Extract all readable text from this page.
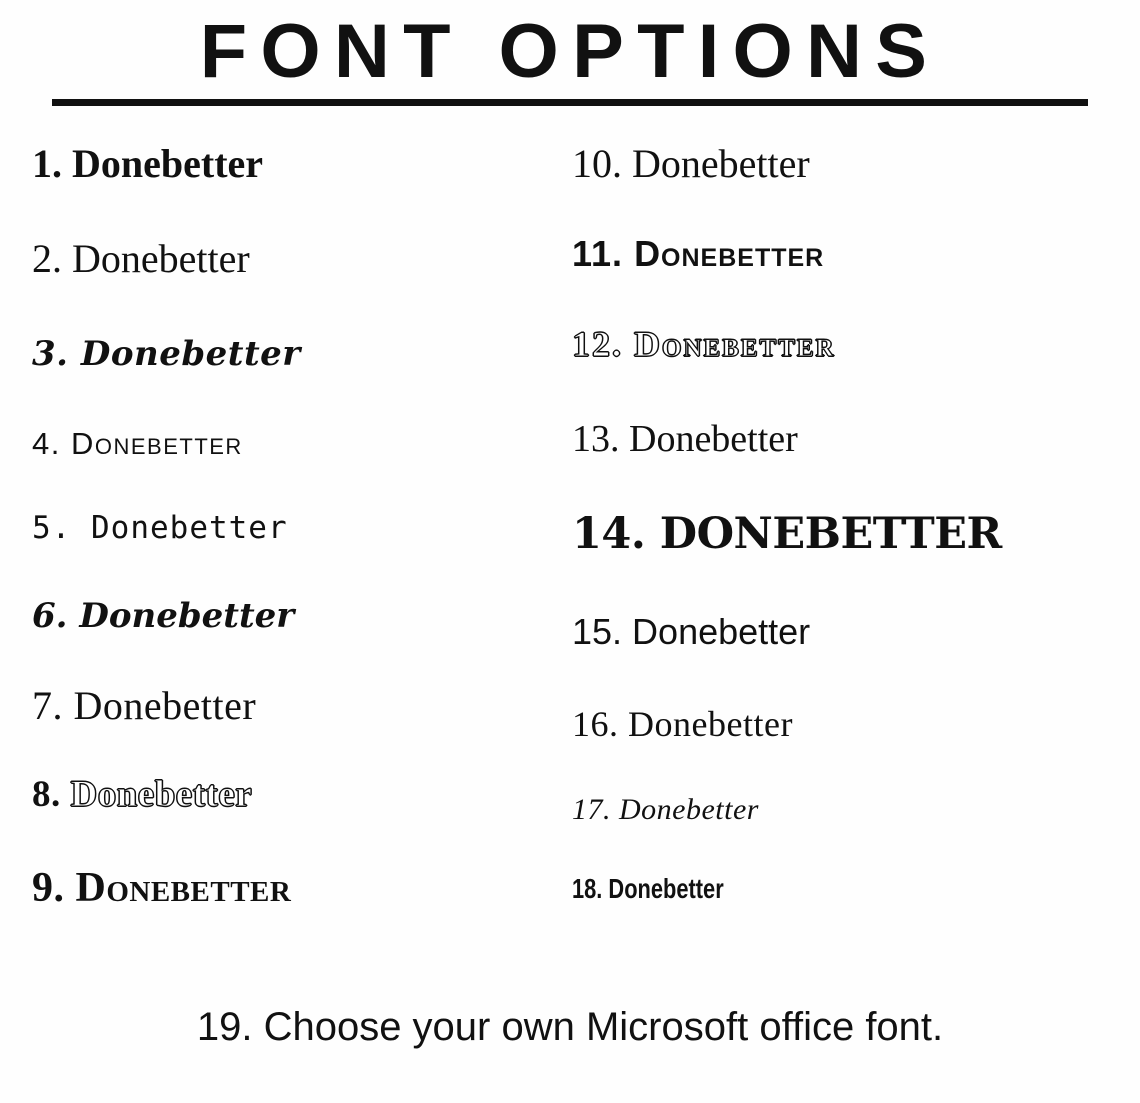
FONT OPTIONS
1. Donebetter
2. Donebetter
3. Donebetter
4. Donebetter
5. Donebetter
6. Donebetter
7. Donebetter
8. Donebetter
9. Donebetter
10. Donebetter
11. Donebetter
12. Donebetter
13. Donebetter
14. DONEBETTER
15. Donebetter
16. Donebetter
17. Donebetter
18. Donebetter
19. Choose your own Microsoft office font.
